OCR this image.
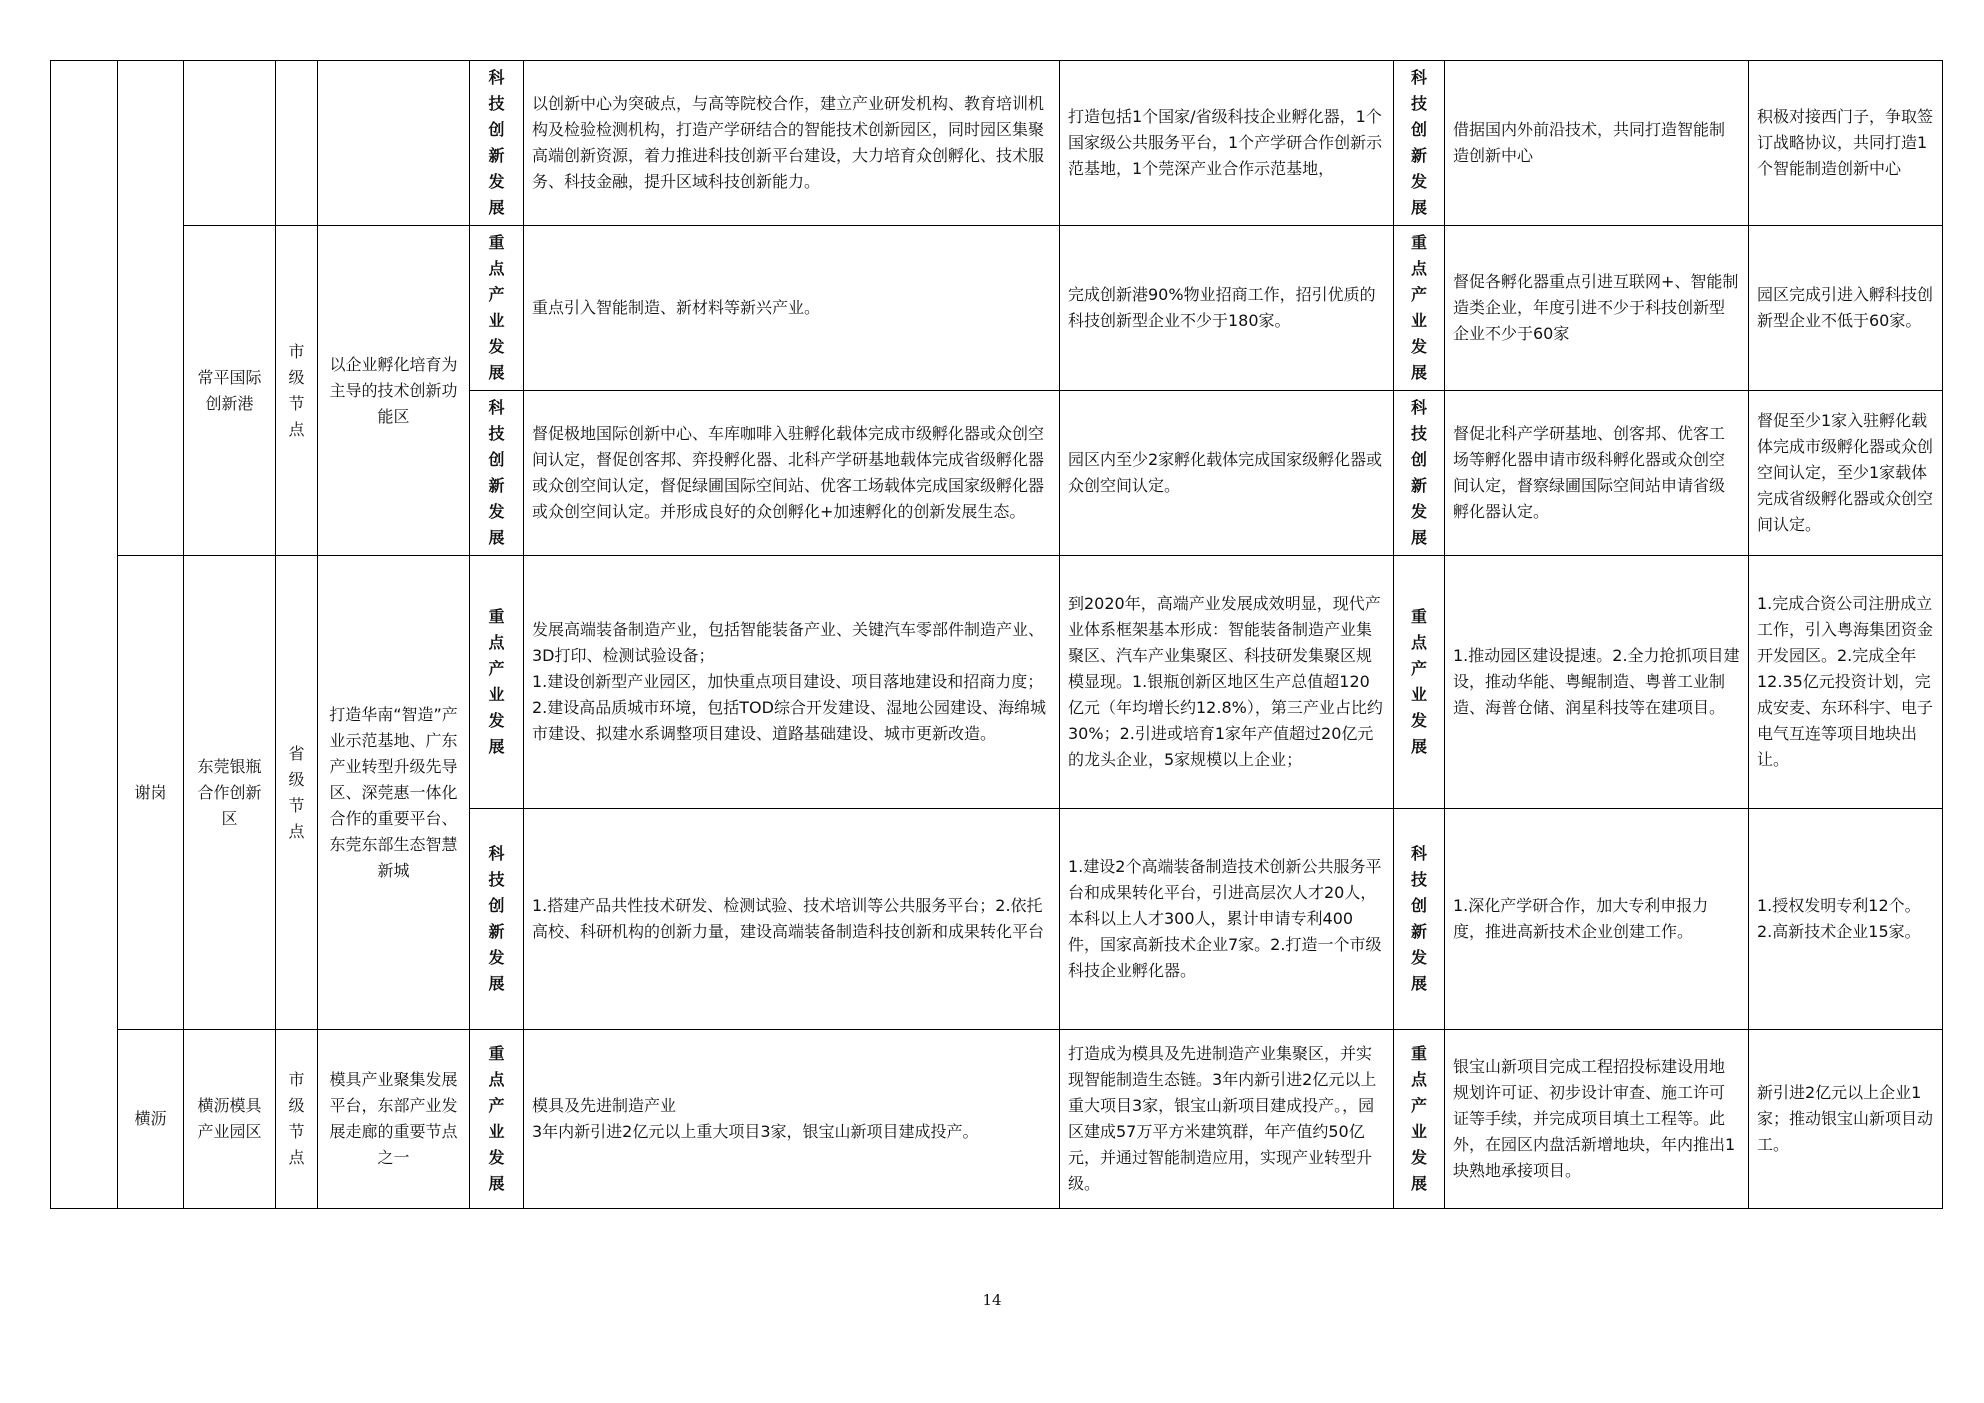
					科技创新发展	以创新中心为突破点，与高等院校合作，建立产业研发机构、教育培训机构及检验检测机构，打造产学研结合的智能技术创新园区，同时园区集聚高端创新资源，着力推进科技创新平台建设，大力培育众创孵化、技术服务、科技金融，提升区域科技创新能力。	打造包括1个国家/省级科技企业孵化器，1个国家级公共服务平台，1个产学研合作创新示范基地，1个莞深产业合作示范基地，	科技创新发展	借据国内外前沿技术，共同打造智能制造创新中心	积极对接西门子，争取签订战略协议，共同打造1个智能制造创新中心
		常平国际创新港	市级节点	以企业孵化培育为主导的技术创新功能区	重点产业发展	重点引入智能制造、新材料等新兴产业。	完成创新港90%物业招商工作，招引优质的科技创新型企业不少于180家。	重点产业发展	督促各孵化器重点引进互联网+、智能制造类企业，年度引进不少于科技创新型企业不少于60家	园区完成引进入孵科技创新型企业不低于60家。

					科技创新发展	督促极地国际创新中心、车库咖啡入驻孵化载体完成市级孵化器或众创空间认定，督促创客邦、弈投孵化器、北科产学研基地载体完成省级孵化器或众创空间认定，督促绿圃国际空间站、优客工场载体完成国家级孵化器或众创空间认定。并形成良好的众创孵化+加速孵化的创新发展生态。	园区内至少2家孵化载体完成国家级孵化器或众创空间认定。	科技创新发展	督促北科产学研基地、创客邦、优客工场等孵化器申请市级科孵化器或众创空间认定，督察绿圃国际空间站申请省级孵化器认定。	督促至少1家入驻孵化载体完成市级孵化器或众创空间认定，至少1家载体完成省级孵化器或众创空间认定。
	谢岗	东莞银瓶合作创新区	省级节点	打造华南“智造”产业示范基地、广东产业转型升级先导区、深莞惠一体化合作的重要平台、东莞东部生态智慧新城	重点产业发展	发展高端装备制造产业，包括智能装备产业、关键汽车零部件制造产业、3D打印、检测试验设备；
1.建设创新型产业园区，加快重点项目建设、项目落地建设和招商力度；2.建设高品质城市环境，包括TOD综合开发建设、湿地公园建设、海绵城市建设、拟建水系调整项目建设、道路基础建设、城市更新改造。	到2020年，高端产业发展成效明显，现代产业体系框架基本形成：智能装备制造产业集聚区、汽车产业集聚区、科技研发集聚区规模显现。1.银瓶创新区地区生产总值超120亿元（年均增长约12.8%），第三产业占比约30%；2.引进或培育1家年产值超过20亿元的龙头企业，5家规模以上企业；	重点产业发展	1.推动园区建设提速。2.全力抢抓项目建设，推动华能、粤鲲制造、粤普工业制造、海普仓储、润星科技等在建项目。	1.完成合资公司注册成立工作，引入粤海集团资金开发园区。2.完成全年12.35亿元投资计划，完成安麦、东环科宇、电子电气互连等项目地块出让。

					科技创新发展	1.搭建产品共性技术研发、检测试验、技术培训等公共服务平台；2.依托高校、科研机构的创新力量，建设高端装备制造科技创新和成果转化平台	1.建设2个高端装备制造技术创新公共服务平台和成果转化平台，引进高层次人才20人，本科以上人才300人，累计申请专利400件，国家高新技术企业7家。2.打造一个市级科技企业孵化器。	科技创新发展	1.深化产学研合作，加大专利申报力度，推进高新技术企业创建工作。	1.授权发明专利12个。2.高新技术企业15家。
	横沥	横沥模具产业园区	市级节点	模具产业聚集发展平台，东部产业发展走廊的重要节点之一	重点产业发展	模具及先进制造产业
3年内新引进2亿元以上重大项目3家，银宝山新项目建成投产。	打造成为模具及先进制造产业集聚区，并实现智能制造生态链。3年内新引进2亿元以上重大项目3家，银宝山新项目建成投产。，园区建成57万平方米建筑群，年产值约50亿元，并通过智能制造应用，实现产业转型升级。	重点产业发展	银宝山新项目完成工程招投标建设用地规划许可证、初步设计审查、施工许可证等手续，并完成项目填土工程等。此外，在园区内盘活新增地块，年内推出1块熟地承接项目。	新引进2亿元以上企业1家；推动银宝山新项目动工。
14
